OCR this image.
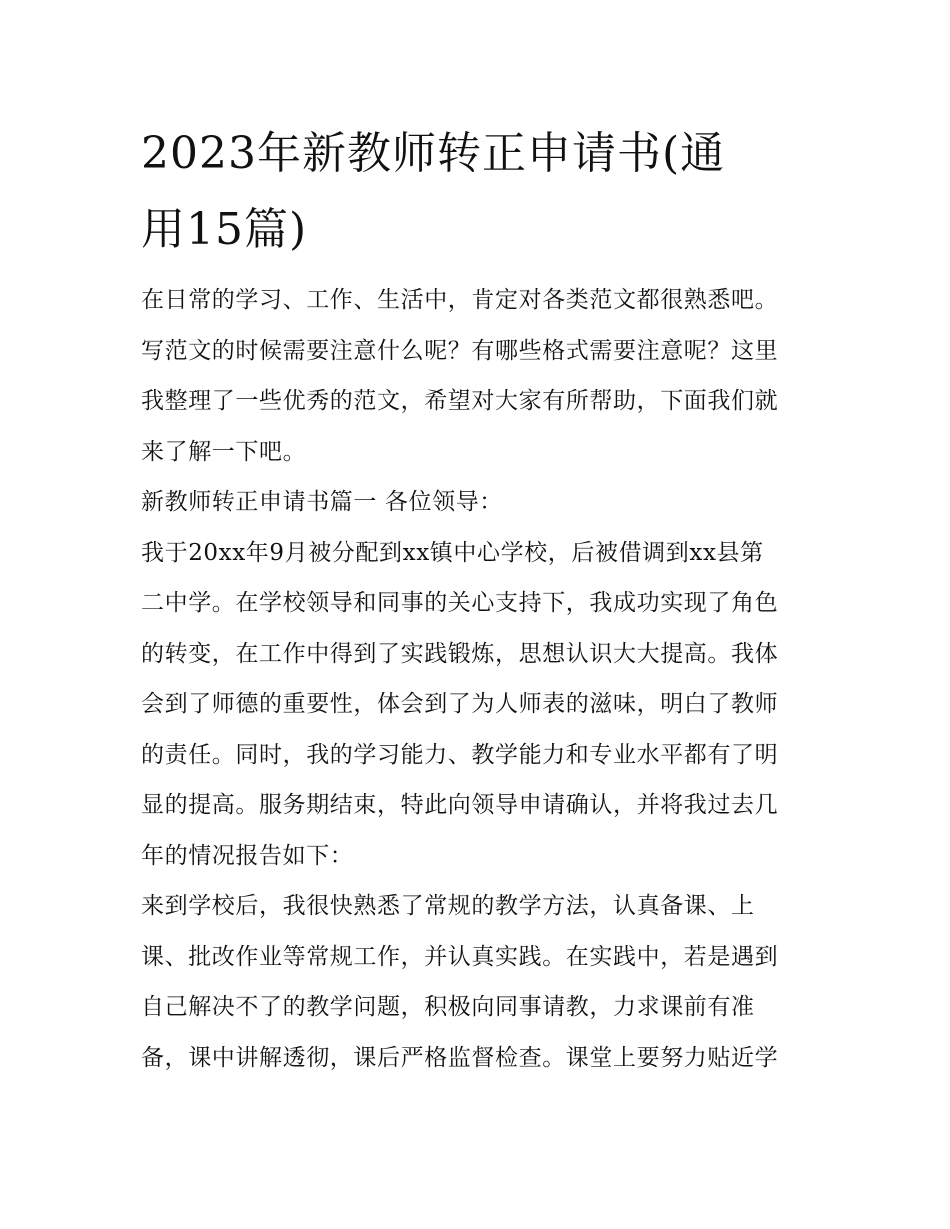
2023年新教师转正申请书(通
用15篇)
在日常的学习、工作、生活中，肯定对各类范文都很熟悉吧。
写范文的时候需要注意什么呢？有哪些格式需要注意呢？这里
我整理了一些优秀的范文，希望对大家有所帮助，下面我们就
来了解一下吧。
新教师转正申请书篇一 各位领导：
我于20xx年9月被分配到xx镇中心学校，后被借调到xx县第
二中学。在学校领导和同事的关心支持下，我成功实现了角色
的转变，在工作中得到了实践锻炼，思想认识大大提高。我体
会到了师德的重要性，体会到了为人师表的滋味，明白了教师
的责任。同时，我的学习能力、教学能力和专业水平都有了明
显的提高。服务期结束，特此向领导申请确认，并将我过去几
年的情况报告如下：
来到学校后，我很快熟悉了常规的教学方法，认真备课、上
课、批改作业等常规工作，并认真实践。在实践中，若是遇到
自己解决不了的教学问题，积极向同事请教，力求课前有准
备，课中讲解透彻，课后严格监督检查。课堂上要努力贴近学
